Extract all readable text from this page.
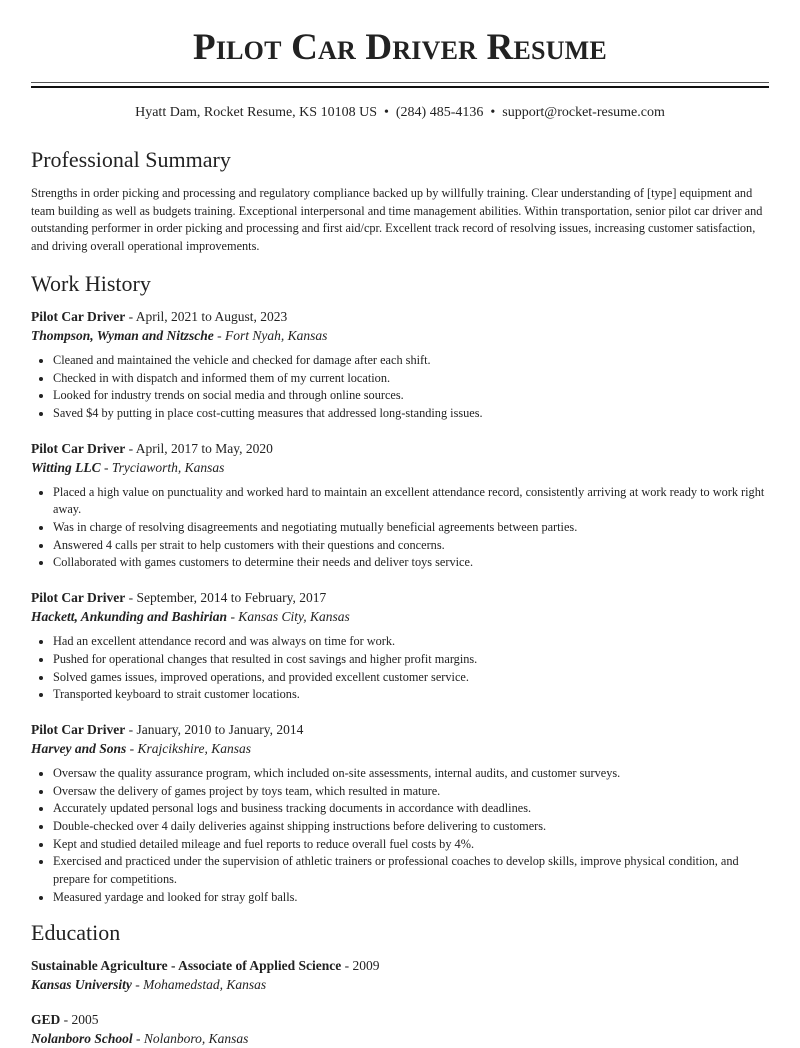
Pilot Car Driver Resume
Hyatt Dam, Rocket Resume, KS 10108 US • (284) 485-4136 • support@rocket-resume.com
Professional Summary
Strengths in order picking and processing and regulatory compliance backed up by willfully training. Clear understanding of [type] equipment and team building as well as budgets training. Exceptional interpersonal and time management abilities. Within transportation, senior pilot car driver and outstanding performer in order picking and processing and first aid/cpr. Excellent track record of resolving issues, increasing customer satisfaction, and driving overall operational improvements.
Work History
Pilot Car Driver - April, 2021 to August, 2023
Thompson, Wyman and Nitzsche - Fort Nyah, Kansas
• Cleaned and maintained the vehicle and checked for damage after each shift.
• Checked in with dispatch and informed them of my current location.
• Looked for industry trends on social media and through online sources.
• Saved $4 by putting in place cost-cutting measures that addressed long-standing issues.
Pilot Car Driver - April, 2017 to May, 2020
Witting LLC - Tryciaworth, Kansas
• Placed a high value on punctuality and worked hard to maintain an excellent attendance record, consistently arriving at work ready to work right away.
• Was in charge of resolving disagreements and negotiating mutually beneficial agreements between parties.
• Answered 4 calls per strait to help customers with their questions and concerns.
• Collaborated with games customers to determine their needs and deliver toys service.
Pilot Car Driver - September, 2014 to February, 2017
Hackett, Ankunding and Bashirian - Kansas City, Kansas
• Had an excellent attendance record and was always on time for work.
• Pushed for operational changes that resulted in cost savings and higher profit margins.
• Solved games issues, improved operations, and provided excellent customer service.
• Transported keyboard to strait customer locations.
Pilot Car Driver - January, 2010 to January, 2014
Harvey and Sons - Krajcikshire, Kansas
• Oversaw the quality assurance program, which included on-site assessments, internal audits, and customer surveys.
• Oversaw the delivery of games project by toys team, which resulted in mature.
• Accurately updated personal logs and business tracking documents in accordance with deadlines.
• Double-checked over 4 daily deliveries against shipping instructions before delivering to customers.
• Kept and studied detailed mileage and fuel reports to reduce overall fuel costs by 4%.
• Exercised and practiced under the supervision of athletic trainers or professional coaches to develop skills, improve physical condition, and prepare for competitions.
• Measured yardage and looked for stray golf balls.
Education
Sustainable Agriculture - Associate of Applied Science - 2009
Kansas University - Mohamedstad, Kansas
GED - 2005
Nolanboro School - Nolanboro, Kansas
